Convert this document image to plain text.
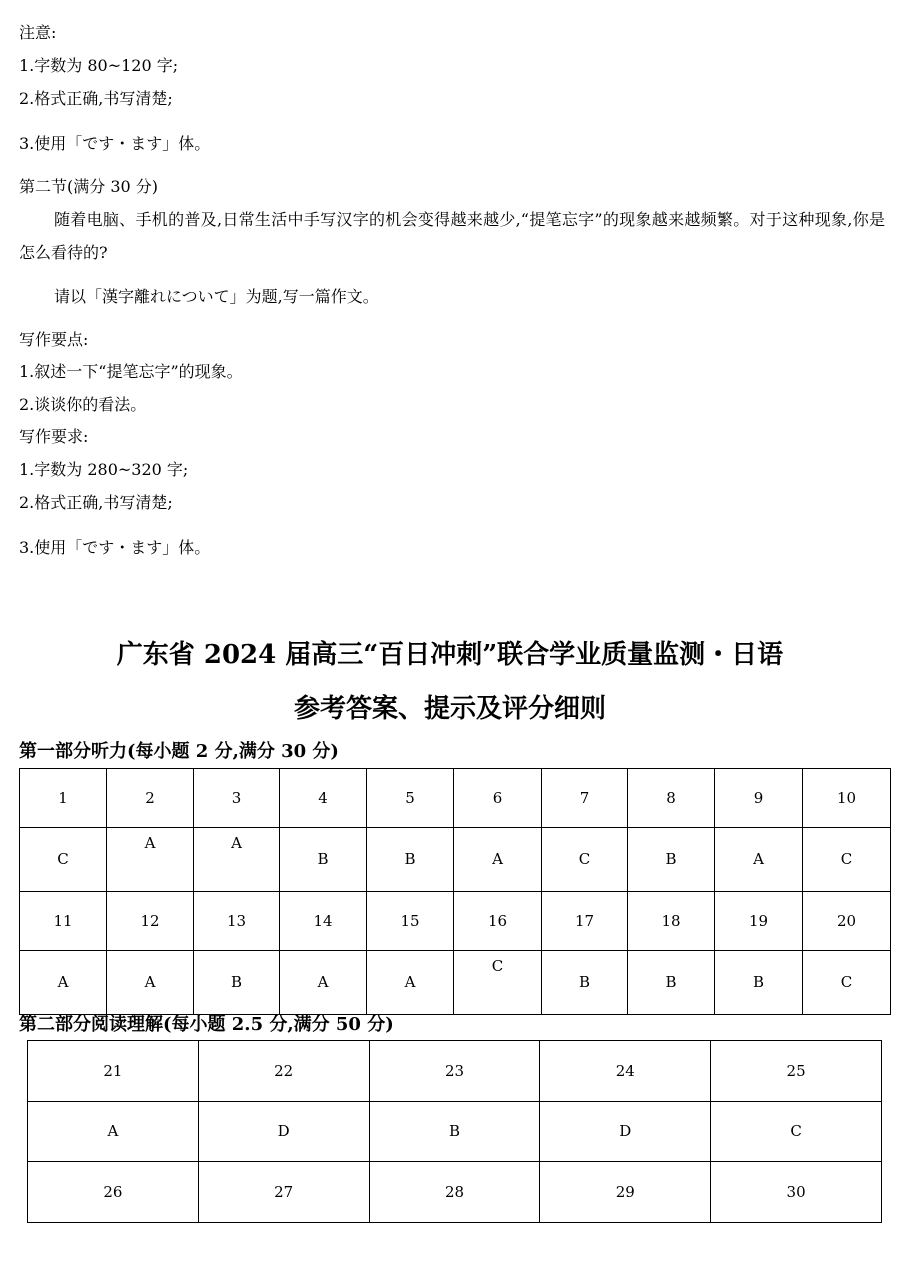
注意:
1.字数为 80~120 字;
2.格式正确,书写清楚;
3.使用「です・ます」体。
第二节(满分 30 分)
随着电脑、手机的普及,日常生活中手写汉字的机会变得越来越少,“提笔忘字”的现象越来越频繁。对于这种现象,你是怎么看待的?
请以「漢字離れについて」为题,写一篇作文。
写作要点:
1.叙述一下“提笔忘字”的现象。
2.谈谈你的看法。
写作要求:
1.字数为 280~320 字;
2.格式正确,书写清楚;
3.使用「です・ます」体。
广东省 2024 届高三“百日冲刺”联合学业质量监测・日语
参考答案、提示及评分细则
第一部分听力(每小题 2 分,满分 30 分)
1	2	3	4	5	6	7	8	9	10
C	A	A	B	B	A	C	B	A	C
11	12	13	14	15	16	17	18	19	20
A	A	B	A	A	C	B	B	B	C
第二部分阅读理解(每小题 2.5 分,满分 50 分)
21	22	23	24	25
A	D	B	D	C
26	27	28	29	30
